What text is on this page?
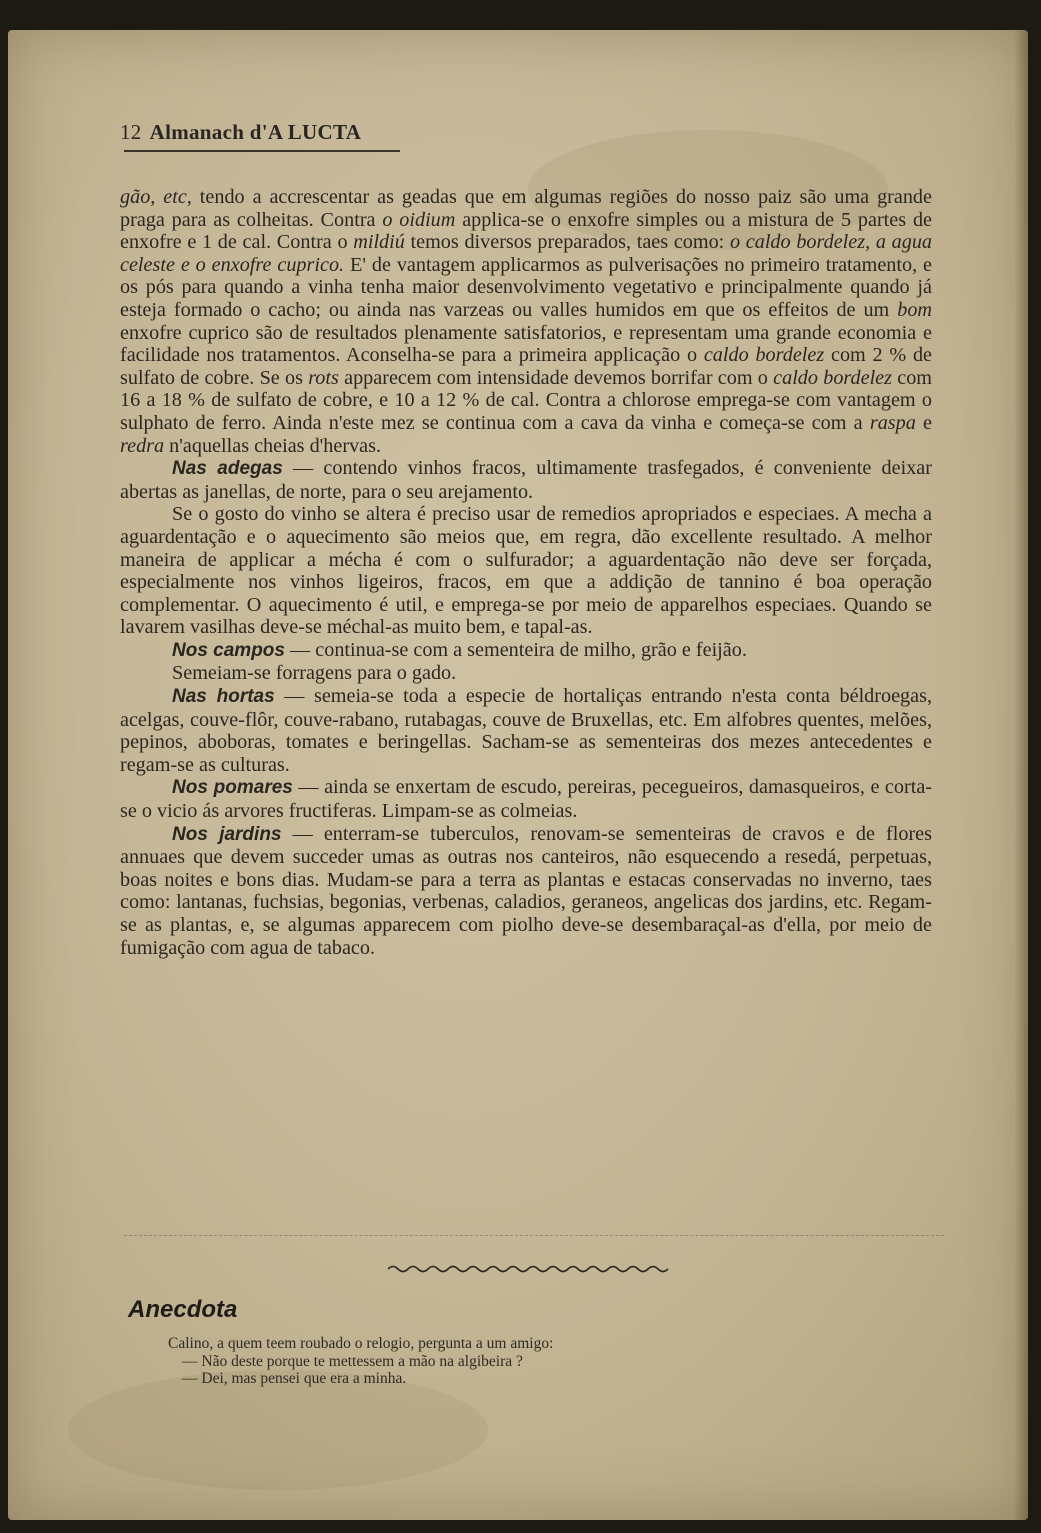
12 Almanach d'A LUCTA

gão, etc, tendo a accrescentar as geadas que em algumas regiões do nosso paiz são uma grande praga para as colheitas. Contra o oidium applica-se o enxofre simples ou a mistura de 5 partes de enxofre e 1 de cal. Contra o mildiú temos diversos preparados, taes como: o caldo bordelez, a agua celeste e o enxofre cuprico. E' de vantagem applicarmos as pulverisações no primeiro tratamento, e os pós para quando a vinha tenha maior desenvolvimento vegetativo e principalmente quando já esteja formado o cacho; ou ainda nas varzeas ou valles humidos em que os effeitos de um bom enxofre cuprico são de resultados plenamente satisfatorios, e representam uma grande economia e facilidade nos tratamentos. Aconselha-se para a primeira applicação o caldo bordelez com 2 % de sulfato de cobre. Se os rots apparecem com intensidade devemos borrifar com o caldo bordelez com 16 a 18 % de sulfato de cobre, e 10 a 12 % de cal. Contra a chlorose emprega-se com vantagem o sulphato de ferro. Ainda n'este mez se continua com a cava da vinha e começa-se com a raspa e redra n'aquellas cheias d'hervas.

Nas adegas — contendo vinhos fracos, ultimamente trasfegados, é conveniente deixar abertas as janellas, de norte, para o seu arejamento.

Se o gosto do vinho se altera é preciso usar de remedios apropriados e especiaes. A mecha a aguardentação e o aquecimento são meios que, em regra, dão excellente resultado. A melhor maneira de applicar a mécha é com o sulfurador; a aguardentação não deve ser forçada, especialmente nos vinhos ligeiros, fracos, em que a addição de tannino é boa operação complementar. O aquecimento é util, e emprega-se por meio de apparelhos especiaes. Quando se lavarem vasilhas deve-se méchal-as muito bem, e tapal-as.

Nos campos — continua-se com a sementeira de milho, grão e feijão.

Semeiam-se forragens para o gado.

Nas hortas — semeia-se toda a especie de hortaliças entrando n'esta conta béldroegas, acelgas, couve-flôr, couve-rabano, rutabagas, couve de Bruxellas, etc. Em alfobres quentes, melões, pepinos, aboboras, tomates e beringellas. Sacham-se as sementeiras dos mezes antecedentes e regam-se as culturas.

Nos pomares — ainda se enxertam de escudo, pereiras, pecegueiros, damasqueiros, e corta-se o vicio ás arvores fructiferas. Limpam-se as colmeias.

Nos jardins — enterram-se tuberculos, renovam-se sementeiras de cravos e de flores annuaes que devem succeder umas as outras nos canteiros, não esquecendo a resedá, perpetuas, boas noites e bons dias. Mudam-se para a terra as plantas e estacas conservadas no inverno, taes como: lantanas, fuchsias, begonias, verbenas, caladios, geraneos, angelicas dos jardins, etc. Regam-se as plantas, e, se algumas apparecem com piolho deve-se desembaraçal-as d'ella, por meio de fumigação com agua de tabaco.

Anecdota

Calino, a quem teem roubado o relogio, pergunta a um amigo:

— Não deste porque te mettessem a mão na algibeira ?

— Dei, mas pensei que era a minha.
